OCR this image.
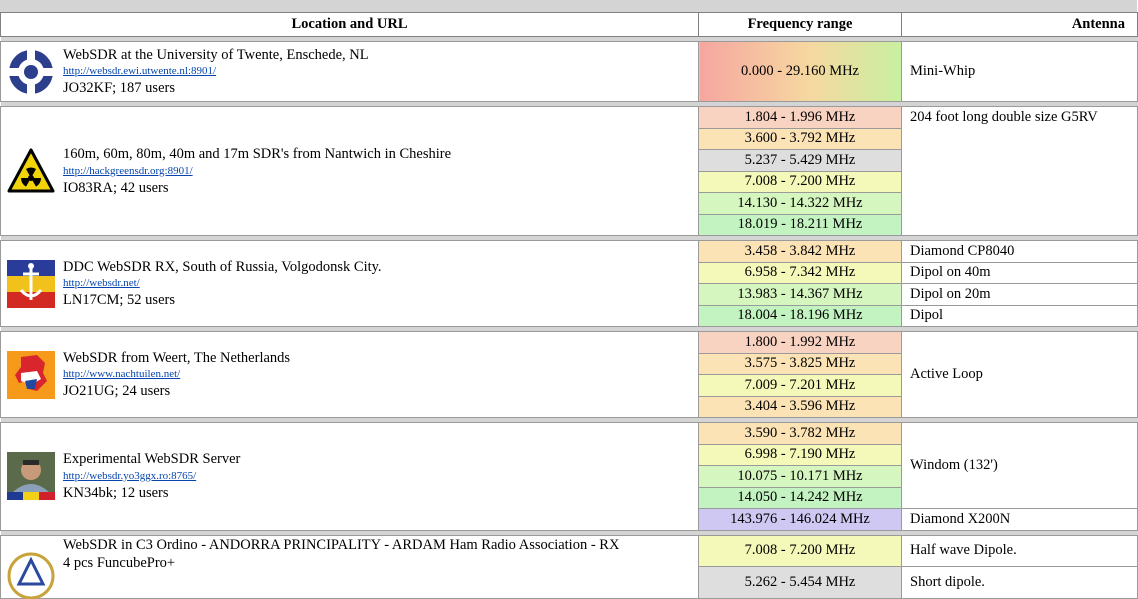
Location and URL	Frequency range	Antenna

WebSDR at the University of Twente, Enschede, NL
http://websdr.ewi.utwente.nl:8901/
JO32KF; 187 users	0.000 - 29.160 MHz	Mini-Whip

160m, 60m, 80m, 40m and 17m SDR's from Nantwich in Cheshire
http://hackgreensdr.org:8901/
IO83RA; 42 users	1.804 - 1.996 MHz	204 foot long double size G5RV
	3.600 - 3.792 MHz	
	5.237 - 5.429 MHz	
	7.008 - 7.200 MHz	
	14.130 - 14.322 MHz	
	18.019 - 18.211 MHz	

DDC WebSDR RX, South of Russia, Volgodonsk City.
http://websdr.net/
LN17CM; 52 users	3.458 - 3.842 MHz	Diamond CP8040
	6.958 - 7.342 MHz	Dipol on 40m
	13.983 - 14.367 MHz	Dipol on 20m
	18.004 - 18.196 MHz	Dipol

WebSDR from Weert, The Netherlands
http://www.nachtuilen.net/
JO21UG; 24 users	1.800 - 1.992 MHz	Active Loop
	3.575 - 3.825 MHz	
	7.009 - 7.201 MHz	
	3.404 - 3.596 MHz	

Experimental WebSDR Server
http://websdr.yo3ggx.ro:8765/
KN34bk; 12 users	3.590 - 3.782 MHz	Windom (132')
	6.998 - 7.190 MHz	
	10.075 - 10.171 MHz	
	14.050 - 14.242 MHz	
	143.976 - 146.024 MHz	Diamond X200N

WebSDR in C3 Ordino - ANDORRA PRINCIPALITY - ARDAM Ham Radio Association - RX
4 pcs FuncubePro+	7.008 - 7.200 MHz	Half wave Dipole.
	5.262 - 5.454 MHz	Short dipole.
